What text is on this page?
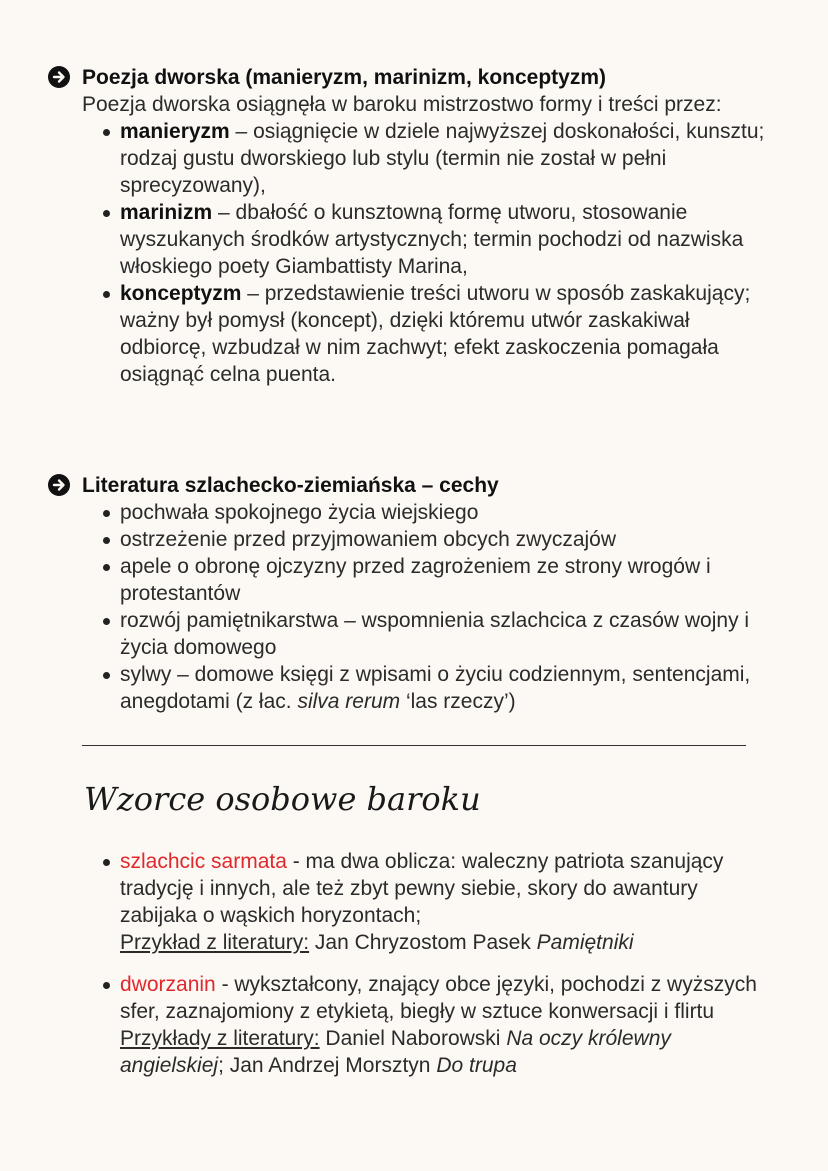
Poezja dworska (manieryzm, marinizm, konceptyzm)
Poezja dworska osiągnęła w baroku mistrzostwo formy i treści przez:
manieryzm – osiągnięcie w dziele najwyższej doskonałości, kunsztu; rodzaj gustu dworskiego lub stylu (termin nie został w pełni sprecyzowany),
marinizm – dbałość o kunsztowną formę utworu, stosowanie wyszukanych środków artystycznych; termin pochodzi od nazwiska włoskiego poety Giambattisty Marina,
konceptyzm – przedstawienie treści utworu w sposób zaskakujący; ważny był pomysł (koncept), dzięki któremu utwór zaskakiwał odbiorcę, wzbudzał w nim zachwyt; efekt zaskoczenia pomagała osiągnąć celna puenta.
Literatura szlachecko-ziemiańska – cechy
pochwała spokojnego życia wiejskiego
ostrzeżenie przed przyjmowaniem obcych zwyczajów
apele o obronę ojczyzny przed zagrożeniem ze strony wrogów i protestantów
rozwój pamiętnikarstwa – wspomnienia szlachcica z czasów wojny i życia domowego
sylwy – domowe księgi z wpisami o życiu codziennym, sentencjami, anegdotami (z łac. silva rerum ‘las rzeczy’)
Wzorce osobowe baroku
szlachcic sarmata - ma dwa oblicza: waleczny patriota szanujący tradycję i innych, ale też zbyt pewny siebie, skory do awantury zabijaka o wąskich horyzontach;
Przykład z literatury: Jan Chryzostom Pasek Pamiętniki
dworzanin - wykształcony, znający obce języki, pochodzi z wyższych sfer, zaznajomiony z etykietą, biegły w sztuce konwersacji i flirtu
Przykłady z literatury: Daniel Naborowski Na oczy królewny angielskiej; Jan Andrzej Morsztyn Do trupa
